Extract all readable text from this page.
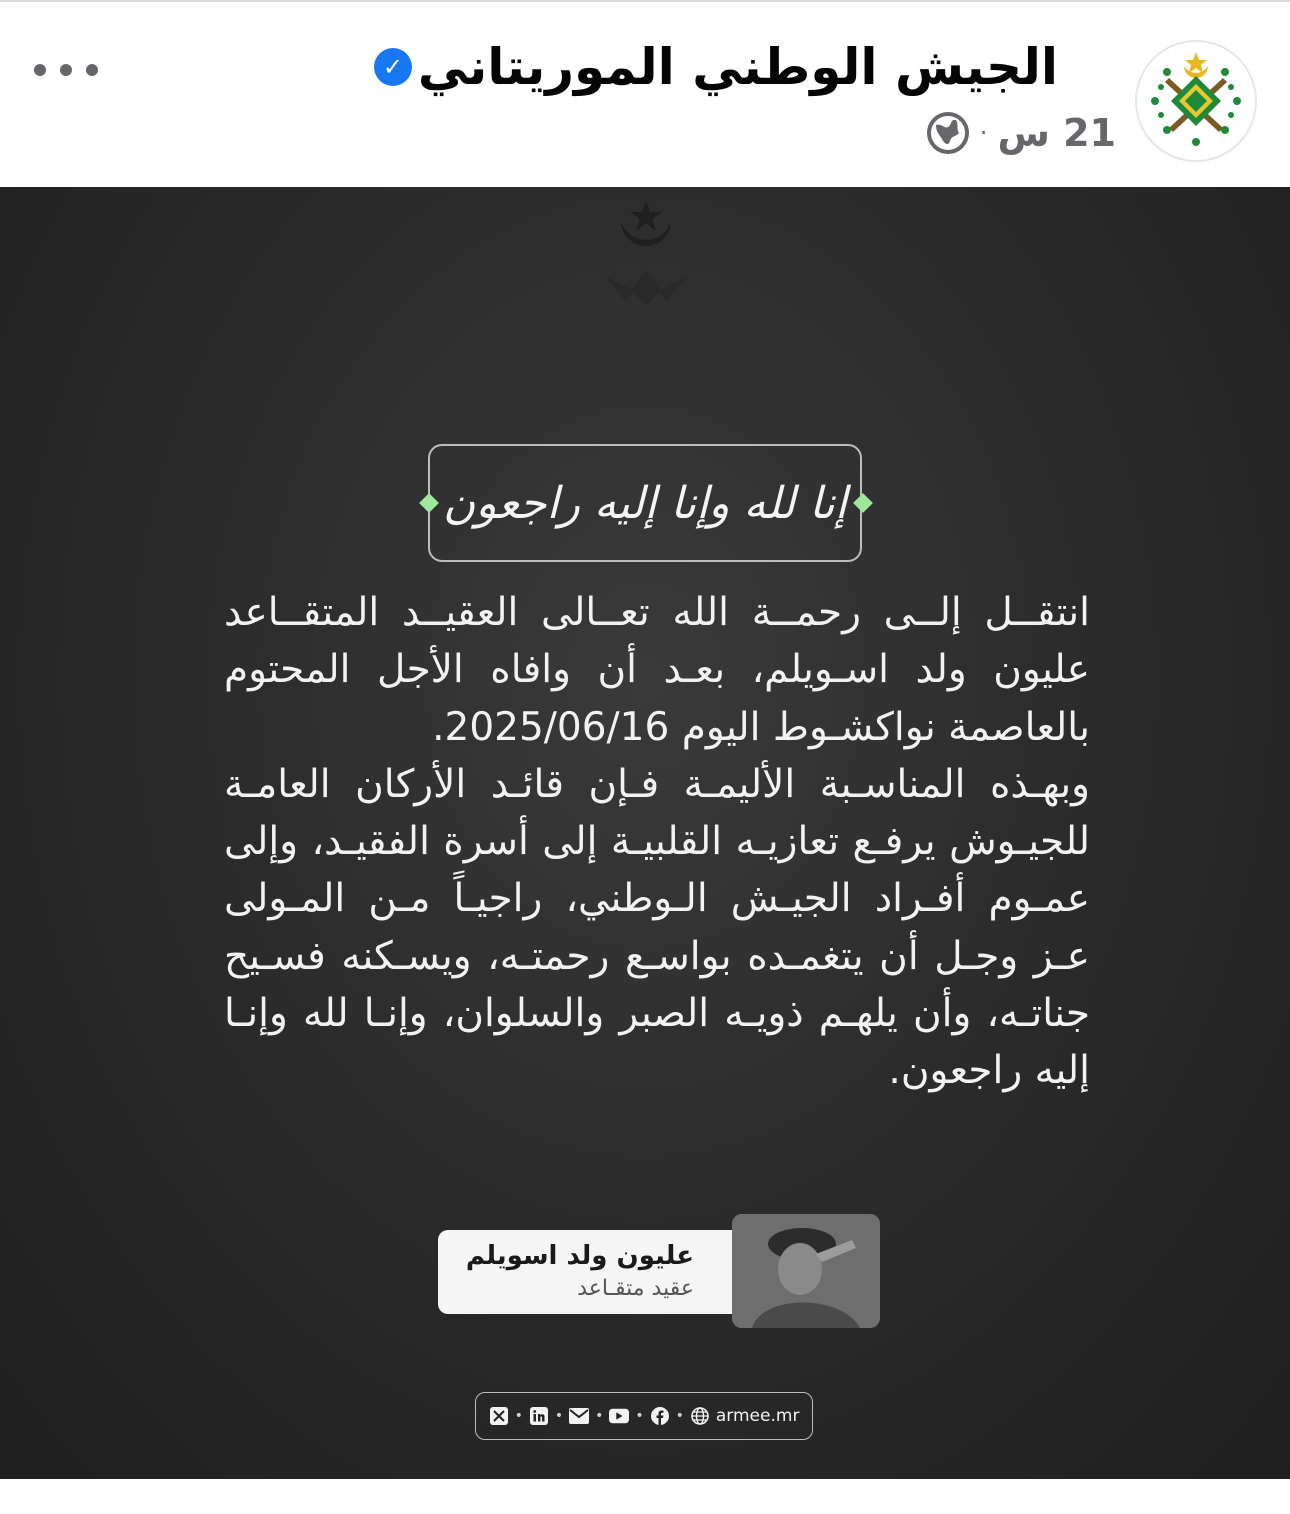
الجيش الوطني الموريتاني
✓
21 س
·
إنا لله وإنا إليه راجعون

انتقــل إلــى رحمــة الله تعــالى العقيــد المتقــاعد عليون ولد اسـويلم، بعـد أن وافاه الأجل المحتوم بالعاصمة نواكشـوط اليوم 2025/06/16.

وبهـذه المناسـبة الأليمـة فـإن قائـد الأركان العامـة للجيـوش يرفـع تعازيـه القلبيـة إلى أسرة الفقيـد، وإلى عمـوم أفـراد الجيـش الـوطني، راجيـاً مـن المـولى عـز وجـل أن يتغمـده بواسـع رحمتـه، ويسـكنه فسـيح جناتـه، وأن يلهـم ذويـه الصبر والسلوان، وإنـا لله وإنـا إليه راجعون.

عليون ولد اسويلم
عقيد متقـاعد
• • • • • armee.mr
